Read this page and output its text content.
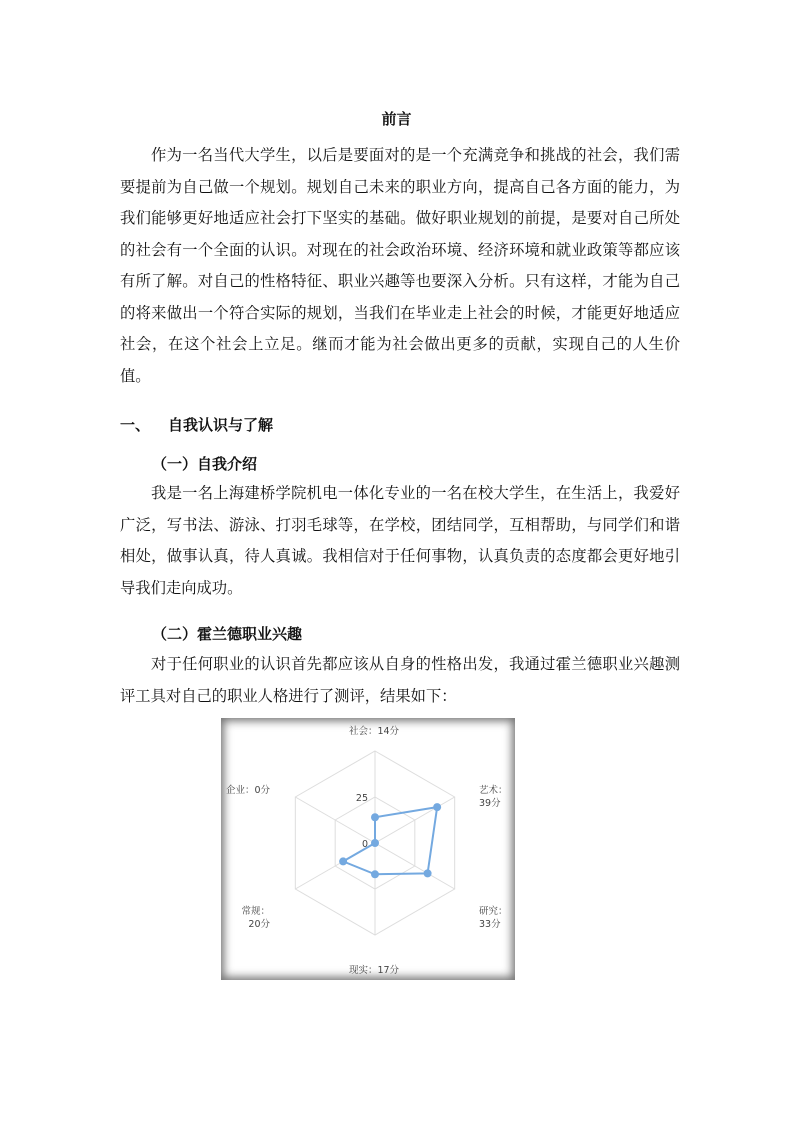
前言

作为一名当代大学生，以后是要面对的是一个充满竞争和挑战的社会，我们需要提前为自己做一个规划。规划自己未来的职业方向，提高自己各方面的能力，为我们能够更好地适应社会打下坚实的基础。做好职业规划的前提，是要对自己所处的社会有一个全面的认识。对现在的社会政治环境、经济环境和就业政策等都应该有所了解。对自己的性格特征、职业兴趣等也要深入分析。只有这样，才能为自己的将来做出一个符合实际的规划，当我们在毕业走上社会的时候，才能更好地适应社会，在这个社会上立足。继而才能为社会做出更多的贡献，实现自己的人生价值。

一、 自我认识与了解
（一）自我介绍

我是一名上海建桥学院机电一体化专业的一名在校大学生，在生活上，我爱好广泛，写书法、游泳、打羽毛球等，在学校，团结同学，互相帮助，与同学们和谐相处，做事认真，待人真诚。我相信对于任何事物，认真负责的态度都会更好地引导我们走向成功。

（二）霍兰德职业兴趣

对于任何职业的认识首先都应该从自身的性格出发，我通过霍兰德职业兴趣测评工具对自己的职业人格进行了测评，结果如下：

0
25
社会：14分
艺术： 39分
研究： 33分
现实：17分
常规： 20分
企业：0分
